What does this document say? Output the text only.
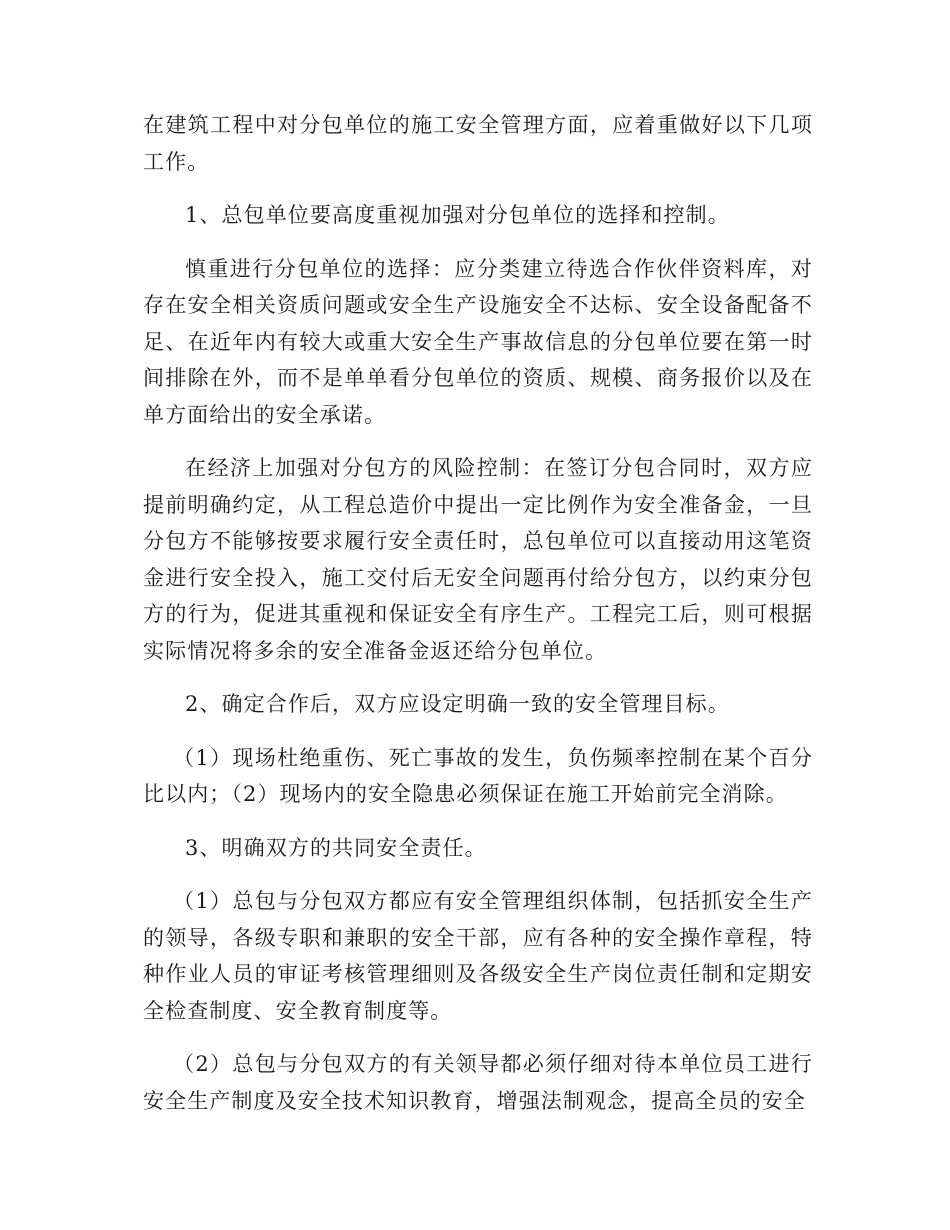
在建筑工程中对分包单位的施工安全管理方面，应着重做好以下几项工作。

1、总包单位要高度重视加强对分包单位的选择和控制。

慎重进行分包单位的选择：应分类建立待选合作伙伴资料库，对存在安全相关资质问题或安全生产设施安全不达标、安全设备配备不足、在近年内有较大或重大安全生产事故信息的分包单位要在第一时间排除在外，而不是单单看分包单位的资质、规模、商务报价以及在单方面给出的安全承诺。

在经济上加强对分包方的风险控制：在签订分包合同时，双方应提前明确约定，从工程总造价中提出一定比例作为安全准备金，一旦分包方不能够按要求履行安全责任时，总包单位可以直接动用这笔资金进行安全投入，施工交付后无安全问题再付给分包方，以约束分包方的行为，促进其重视和保证安全有序生产。工程完工后，则可根据实际情况将多余的安全准备金返还给分包单位。

2、确定合作后，双方应设定明确一致的安全管理目标。

（1）现场杜绝重伤、死亡事故的发生，负伤频率控制在某个百分比以内；（2）现场内的安全隐患必须保证在施工开始前完全消除。

3、明确双方的共同安全责任。

（1）总包与分包双方都应有安全管理组织体制，包括抓安全生产的领导，各级专职和兼职的安全干部，应有各种的安全操作章程，特种作业人员的审证考核管理细则及各级安全生产岗位责任制和定期安全检查制度、安全教育制度等。

（2）总包与分包双方的有关领导都必须仔细对待本单位员工进行安全生产制度及安全技术知识教育，增强法制观念，提高全员的安全
